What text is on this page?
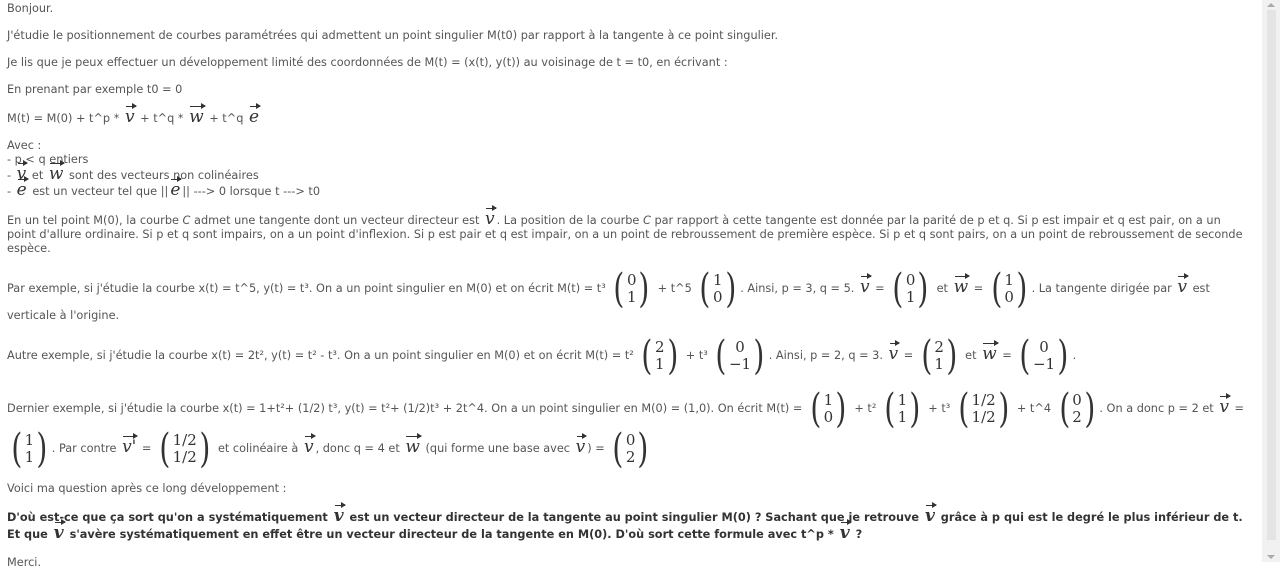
Bonjour.

J'étudie le positionnement de courbes paramétrées qui admettent un point singulier M(t0) par rapport à la tangente à ce point singulier.

Je lis que je peux effectuer un développement limité des coordonnées de M(t) = (x(t), y(t)) au voisinage de t = t0, en écrivant :

En prenant par exemple t0 = 0

M(t) = M(0) + t^p * v + t^q * w + t^q e

Avec :
- p < q entiers
- v et w sont des vecteurs non colinéaires
- e est un vecteur tel que || e || ---> 0 lorsque t ---> t0

En un tel point M(0), la courbe C admet une tangente dont un vecteur directeur est v . La position de la courbe C par rapport à cette tangente est donnée par la parité de p et q. Si p est impair et q est pair, on a un point d'allure ordinaire. Si p et q sont impairs, on a un point d'inflexion. Si p est pair et q est impair, on a un point de rebroussement de première espèce. Si p et q sont pairs, on a un point de rebroussement de seconde espèce.

Par exemple, si j'étudie la courbe x(t) = t^5, y(t) = t³. On a un point singulier en M(0) et on écrit M(t) = t³ ( 0
1 ) + t^5 ( 1
0 ) . Ainsi, p = 3, q = 5. v = ( 0
1 ) et w = ( 1
0 ) . La tangente dirigée par v est verticale à l'origine.

Autre exemple, si j'étudie la courbe x(t) = 2t², y(t) = t² - t³. On a un point singulier en M(0) et on écrit M(t) = t² ( 2
1 ) + t³ ( 0
−1 ) . Ainsi, p = 2, q = 3. v = ( 2
1 ) et w = ( 0
−1 ) .

Dernier exemple, si j'étudie la courbe x(t) = 1+t²+ (1/2) t³, y(t) = t²+ (1/2)t³ + 2t^4. On a un point singulier en M(0) = (1,0). On écrit M(t) = ( 1
0 ) + t² ( 1
1 ) + t³ ( 1/2
1/2 ) + t^4 ( 0
2 ) . On a donc p = 2 et v =
( 1
1 ) . Par contre v' = ( 1/2
1/2 ) et colinéaire à v , donc q = 4 et w (qui forme une base avec v ) = ( 0
2 )

Voici ma question après ce long développement :

D'où est-ce que ça sort qu'on a systématiquement v est un vecteur directeur de la tangente au point singulier M(0) ? Sachant que je retrouve v grâce à p qui est le degré le plus inférieur de t. Et que v s'avère systématiquement en effet être un vecteur directeur de la tangente en M(0). D'où sort cette formule avec t^p * v ?

Merci.
